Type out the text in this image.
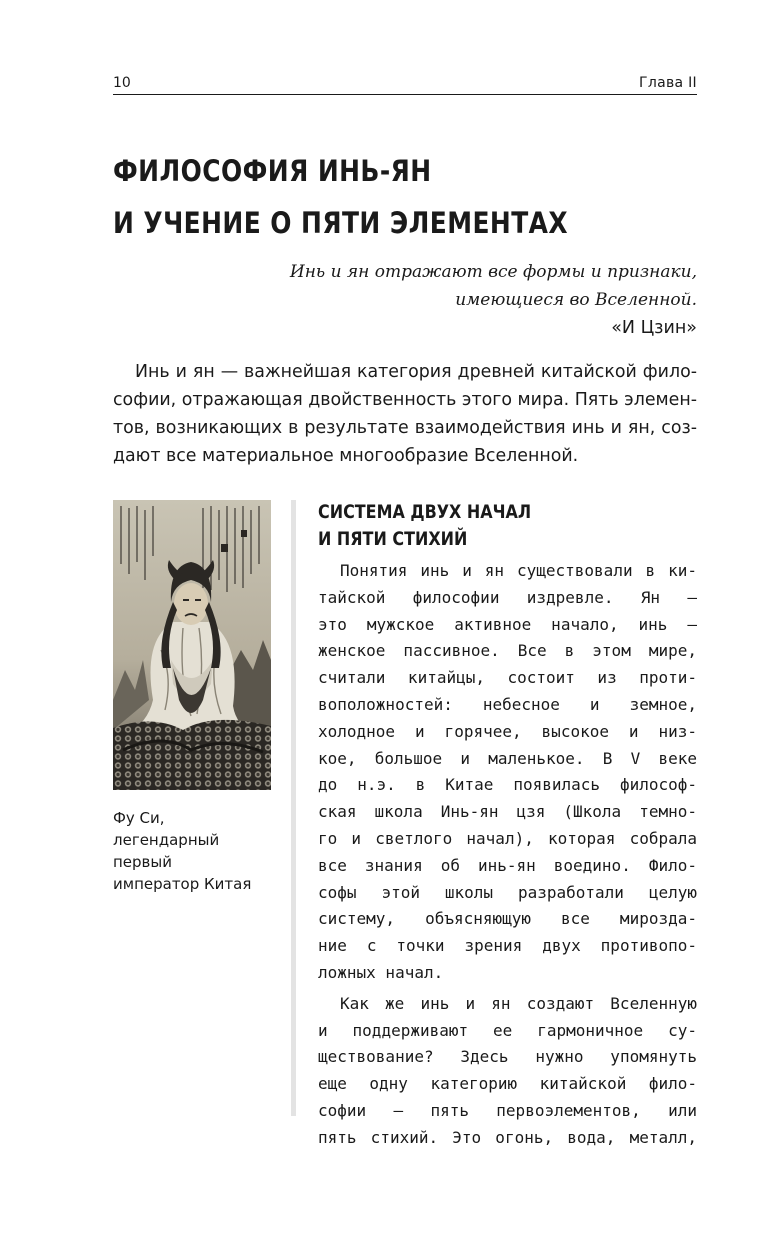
10	Глава II
ФИЛОСОФИЯ ИНЬ-ЯН
И УЧЕНИЕ О ПЯТИ ЭЛЕМЕНТАХ
Инь и ян отражают все формы и признаки,
имеющиеся во Вселенной.
«И Цзин»

Инь и ян — важнейшая категория древней китайской фило-
софии, отражающая двойственность этого мира. Пять элемен-
тов, возникающих в результате взаимодействия инь и ян, соз-
дают все материальное многообразие Вселенной.

Фу Си,
легендарный
первый
император Китая
СИСТЕМА ДВУХ НАЧАЛ
И ПЯТИ СТИХИЙ
Понятия инь и ян существовали в ки-
тайской философии издревле. Ян —
это мужское активное начало, инь —
женское пассивное. Все в этом мире,
считали китайцы, состоит из проти-
воположностей: небесное и земное,
холодное и горячее, высокое и низ-
кое, большое и маленькое. В V веке
до н.э. в Китае появилась философ-
ская школа Инь-ян цзя (Школа темно-
го и светлого начал), которая собрала
все знания об инь-ян воедино. Фило-
софы этой школы разработали целую
систему, объясняющую все мирозда-
ние с точки зрения двух противопо-
ложных начал.
Как же инь и ян создают Вселенную
и поддерживают ее гармоничное су-
ществование? Здесь нужно упомянуть
еще одну категорию китайской фило-
софии — пять первоэлементов, или
пять стихий. Это огонь, вода, металл,
